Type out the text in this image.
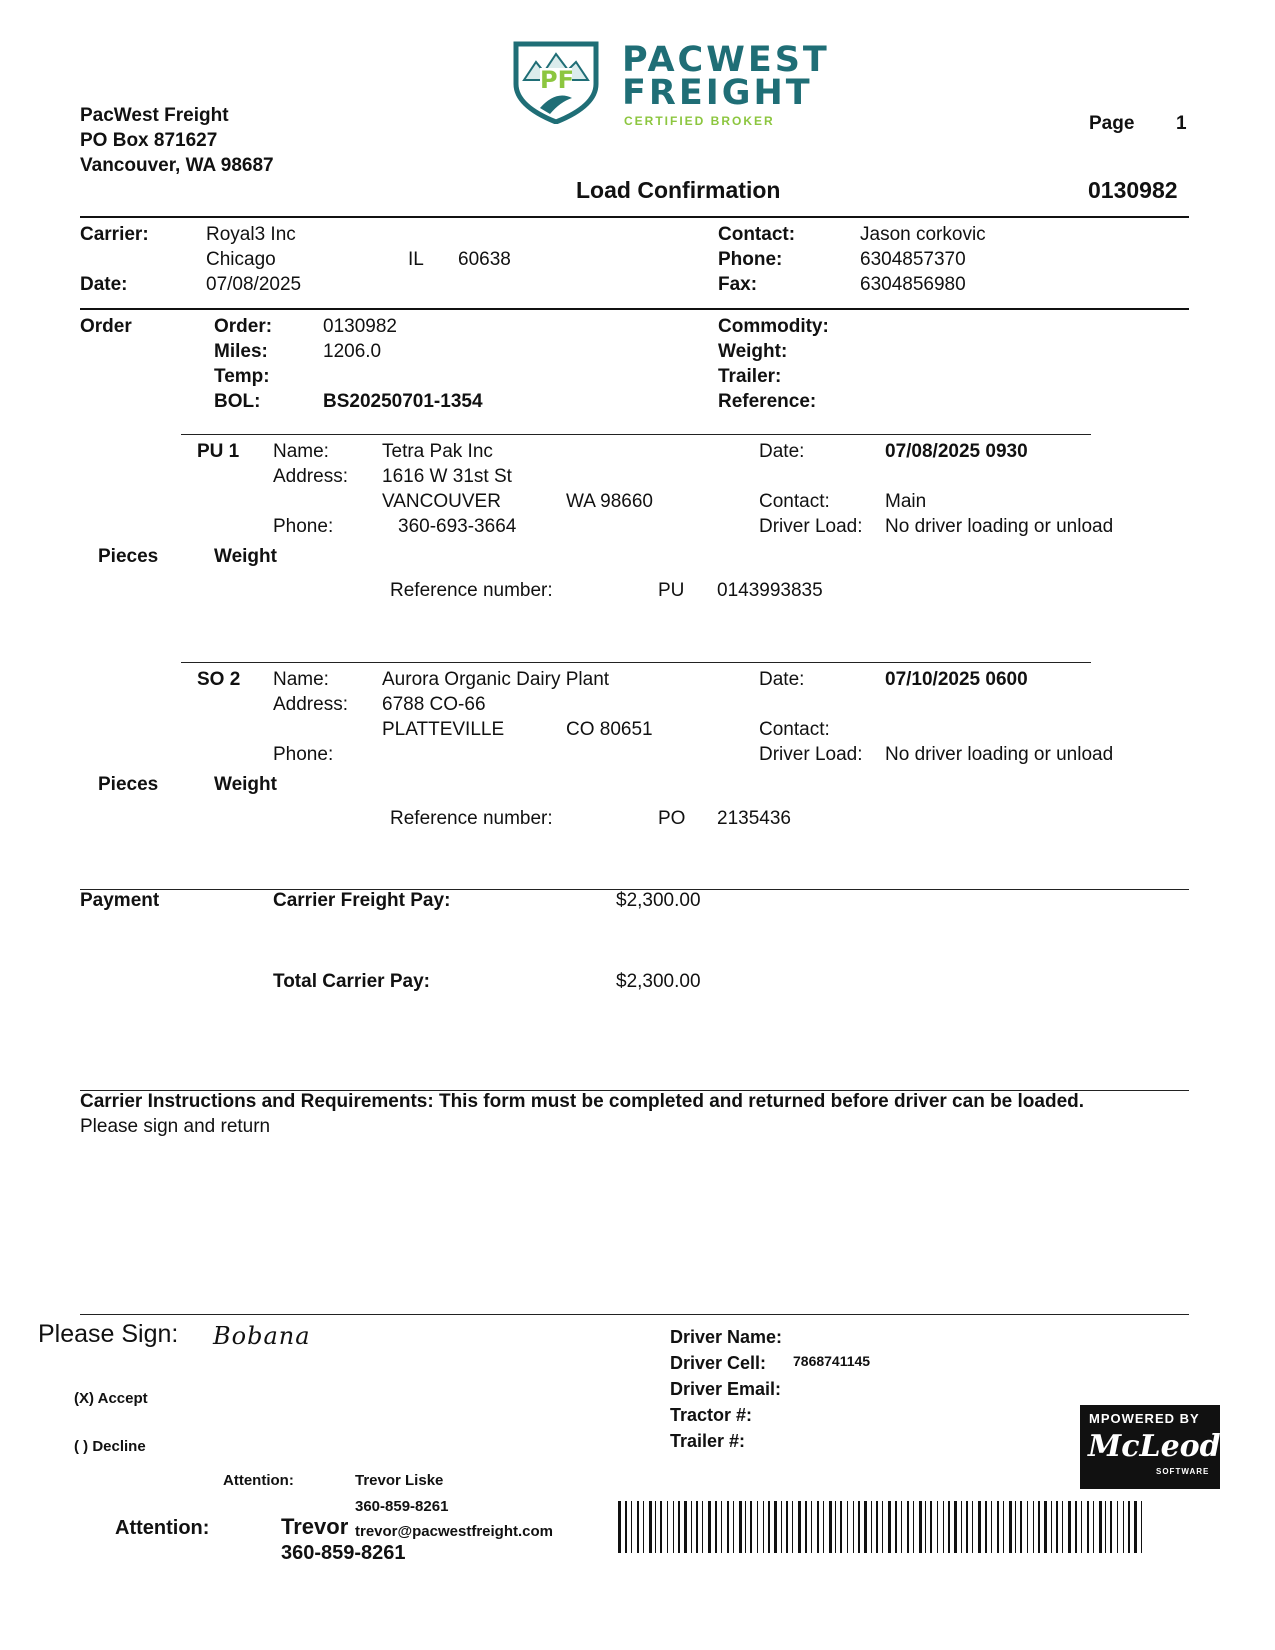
PF PACWEST
FREIGHT
CERTIFIED BROKER
PacWest Freight
PO Box 871627
Vancouver, WA 98687
Page 1
Load Confirmation	0130982
Carrier:	Royal3 Inc
Chicago	IL 60638
Date:	07/08/2025
Contact:	Jason corkovic
Phone:	6304857370
Fax:	6304856980
Order	Order:	0130982
Miles:	1206.0
Temp:
BOL:	BS20250701-1354
Commodity:
Weight:
Trailer:
Reference:
PU 1 Name:	Tetra Pak Inc
Address: 1616 W 31st St
VANCOUVER	WA 98660
Phone:	360-693-3664
Date:	07/08/2025 0930
Contact:	Main
Driver Load: No driver loading or unload
Pieces	Weight
Reference number:	PU 0143993835
SO 2 Name:	Aurora Organic Dairy Plant
Address: 6788 CO-66
PLATTEVILLE	CO 80651
Phone:
Date:	07/10/2025 0600
Contact:
Driver Load: No driver loading or unload
Pieces	Weight
Reference number:	PO 2135436
Payment	Carrier Freight Pay:	$2,300.00
Total Carrier Pay:	$2,300.00
Carrier Instructions and Requirements: This form must be completed and returned before driver can be loaded.
Please sign and return
Please Sign: Bobana
(X) Accept
( ) Decline
Attention:	Trevor Liske
360-859-8261
trevor@pacwestfreight.com
Attention:	Trevor
360-859-8261
Driver Name:
Driver Cell: 7868741145
Driver Email:
Tractor #:
Trailer #:
MPOWERED BY
McLeod
SOFTWARE
